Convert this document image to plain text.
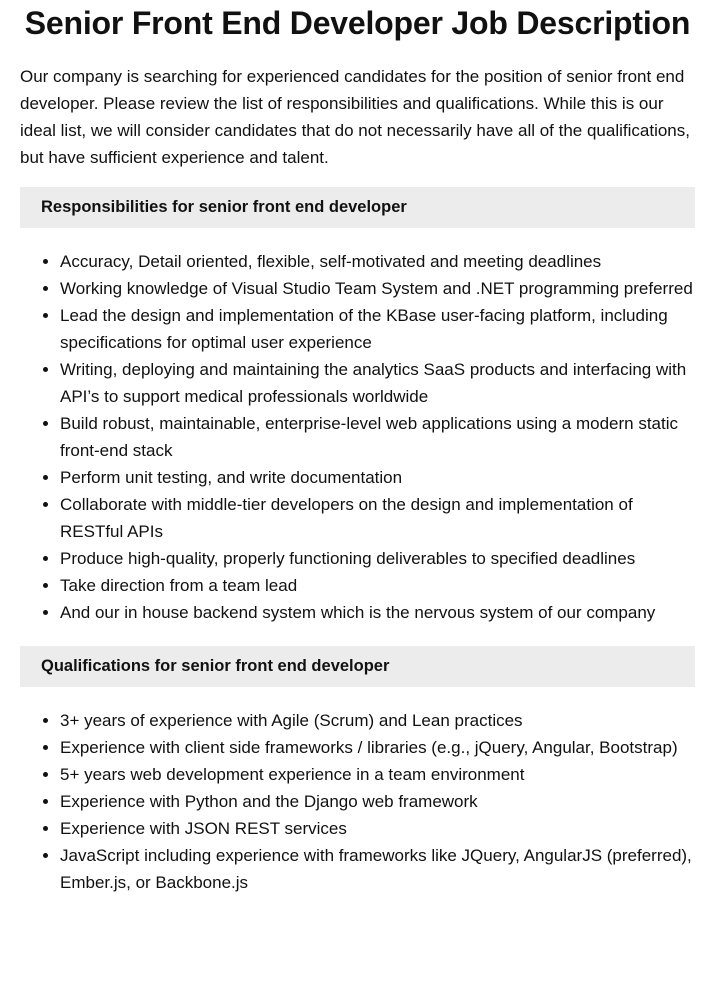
Senior Front End Developer Job Description

Our company is searching for experienced candidates for the position of senior front end developer. Please review the list of responsibilities and qualifications. While this is our ideal list, we will consider candidates that do not necessarily have all of the qualifications, but have sufficient experience and talent.

Responsibilities for senior front end developer
• Accuracy, Detail oriented, flexible, self-motivated and meeting deadlines
• Working knowledge of Visual Studio Team System and .NET programming preferred
• Lead the design and implementation of the KBase user-facing platform, including specifications for optimal user experience
• Writing, deploying and maintaining the analytics SaaS products and interfacing with API’s to support medical professionals worldwide
• Build robust, maintainable, enterprise-level web applications using a modern static front-end stack
• Perform unit testing, and write documentation
• Collaborate with middle-tier developers on the design and implementation of RESTful APIs
• Produce high-quality, properly functioning deliverables to specified deadlines
• Take direction from a team lead
• And our in house backend system which is the nervous system of our company
Qualifications for senior front end developer
• 3+ years of experience with Agile (Scrum) and Lean practices
• Experience with client side frameworks / libraries (e.g., jQuery, Angular, Bootstrap)
• 5+ years web development experience in a team environment
• Experience with Python and the Django web framework
• Experience with JSON REST services
• JavaScript including experience with frameworks like JQuery, AngularJS (preferred), Ember.js, or Backbone.js
